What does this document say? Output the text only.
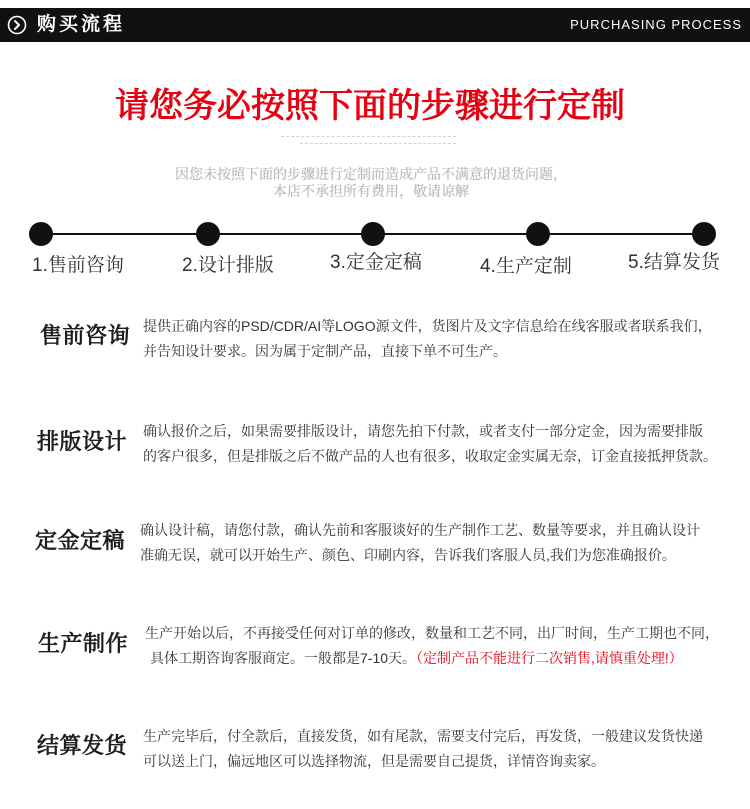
购买流程	PURCHASING PROCESS
请您务必按照下面的步骤进行定制
因您未按照下面的步骤进行定制而造成产品不满意的退货问题，
本店不承担所有费用，敬请谅解
1.售前咨询	2.设计排版	3.定金定稿	4.生产定制	5.结算发货
售前咨询 提供正确内容的PSD/CDR/AI等LOGO源文件，货图片及文字信息给在线客服或者联系我们，
并告知设计要求。因为属于定制产品，直接下单不可生产。
排版设计 确认报价之后，如果需要排版设计，请您先拍下付款，或者支付一部分定金，因为需要排版
的客户很多，但是排版之后不做产品的人也有很多，收取定金实属无奈，订金直接抵押货款。
定金定稿 确认设计稿，请您付款，确认先前和客服谈好的生产制作工艺、数量等要求，并且确认设计
准确无误，就可以开始生产、颜色、印刷内容，告诉我们客服人员,我们为您准确报价。
生产制作 生产开始以后，不再接受任何对订单的修改，数量和工艺不同，出厂时间，生产工期也不同，
具体工期咨询客服商定。一般都是7-10天。（定制产品不能进行二次销售,请慎重处理!）
结算发货 生产完毕后，付全款后，直接发货，如有尾款，需要支付完后，再发货，一般建议发货快递
可以送上门，偏远地区可以选择物流，但是需要自己提货，详情咨询卖家。
